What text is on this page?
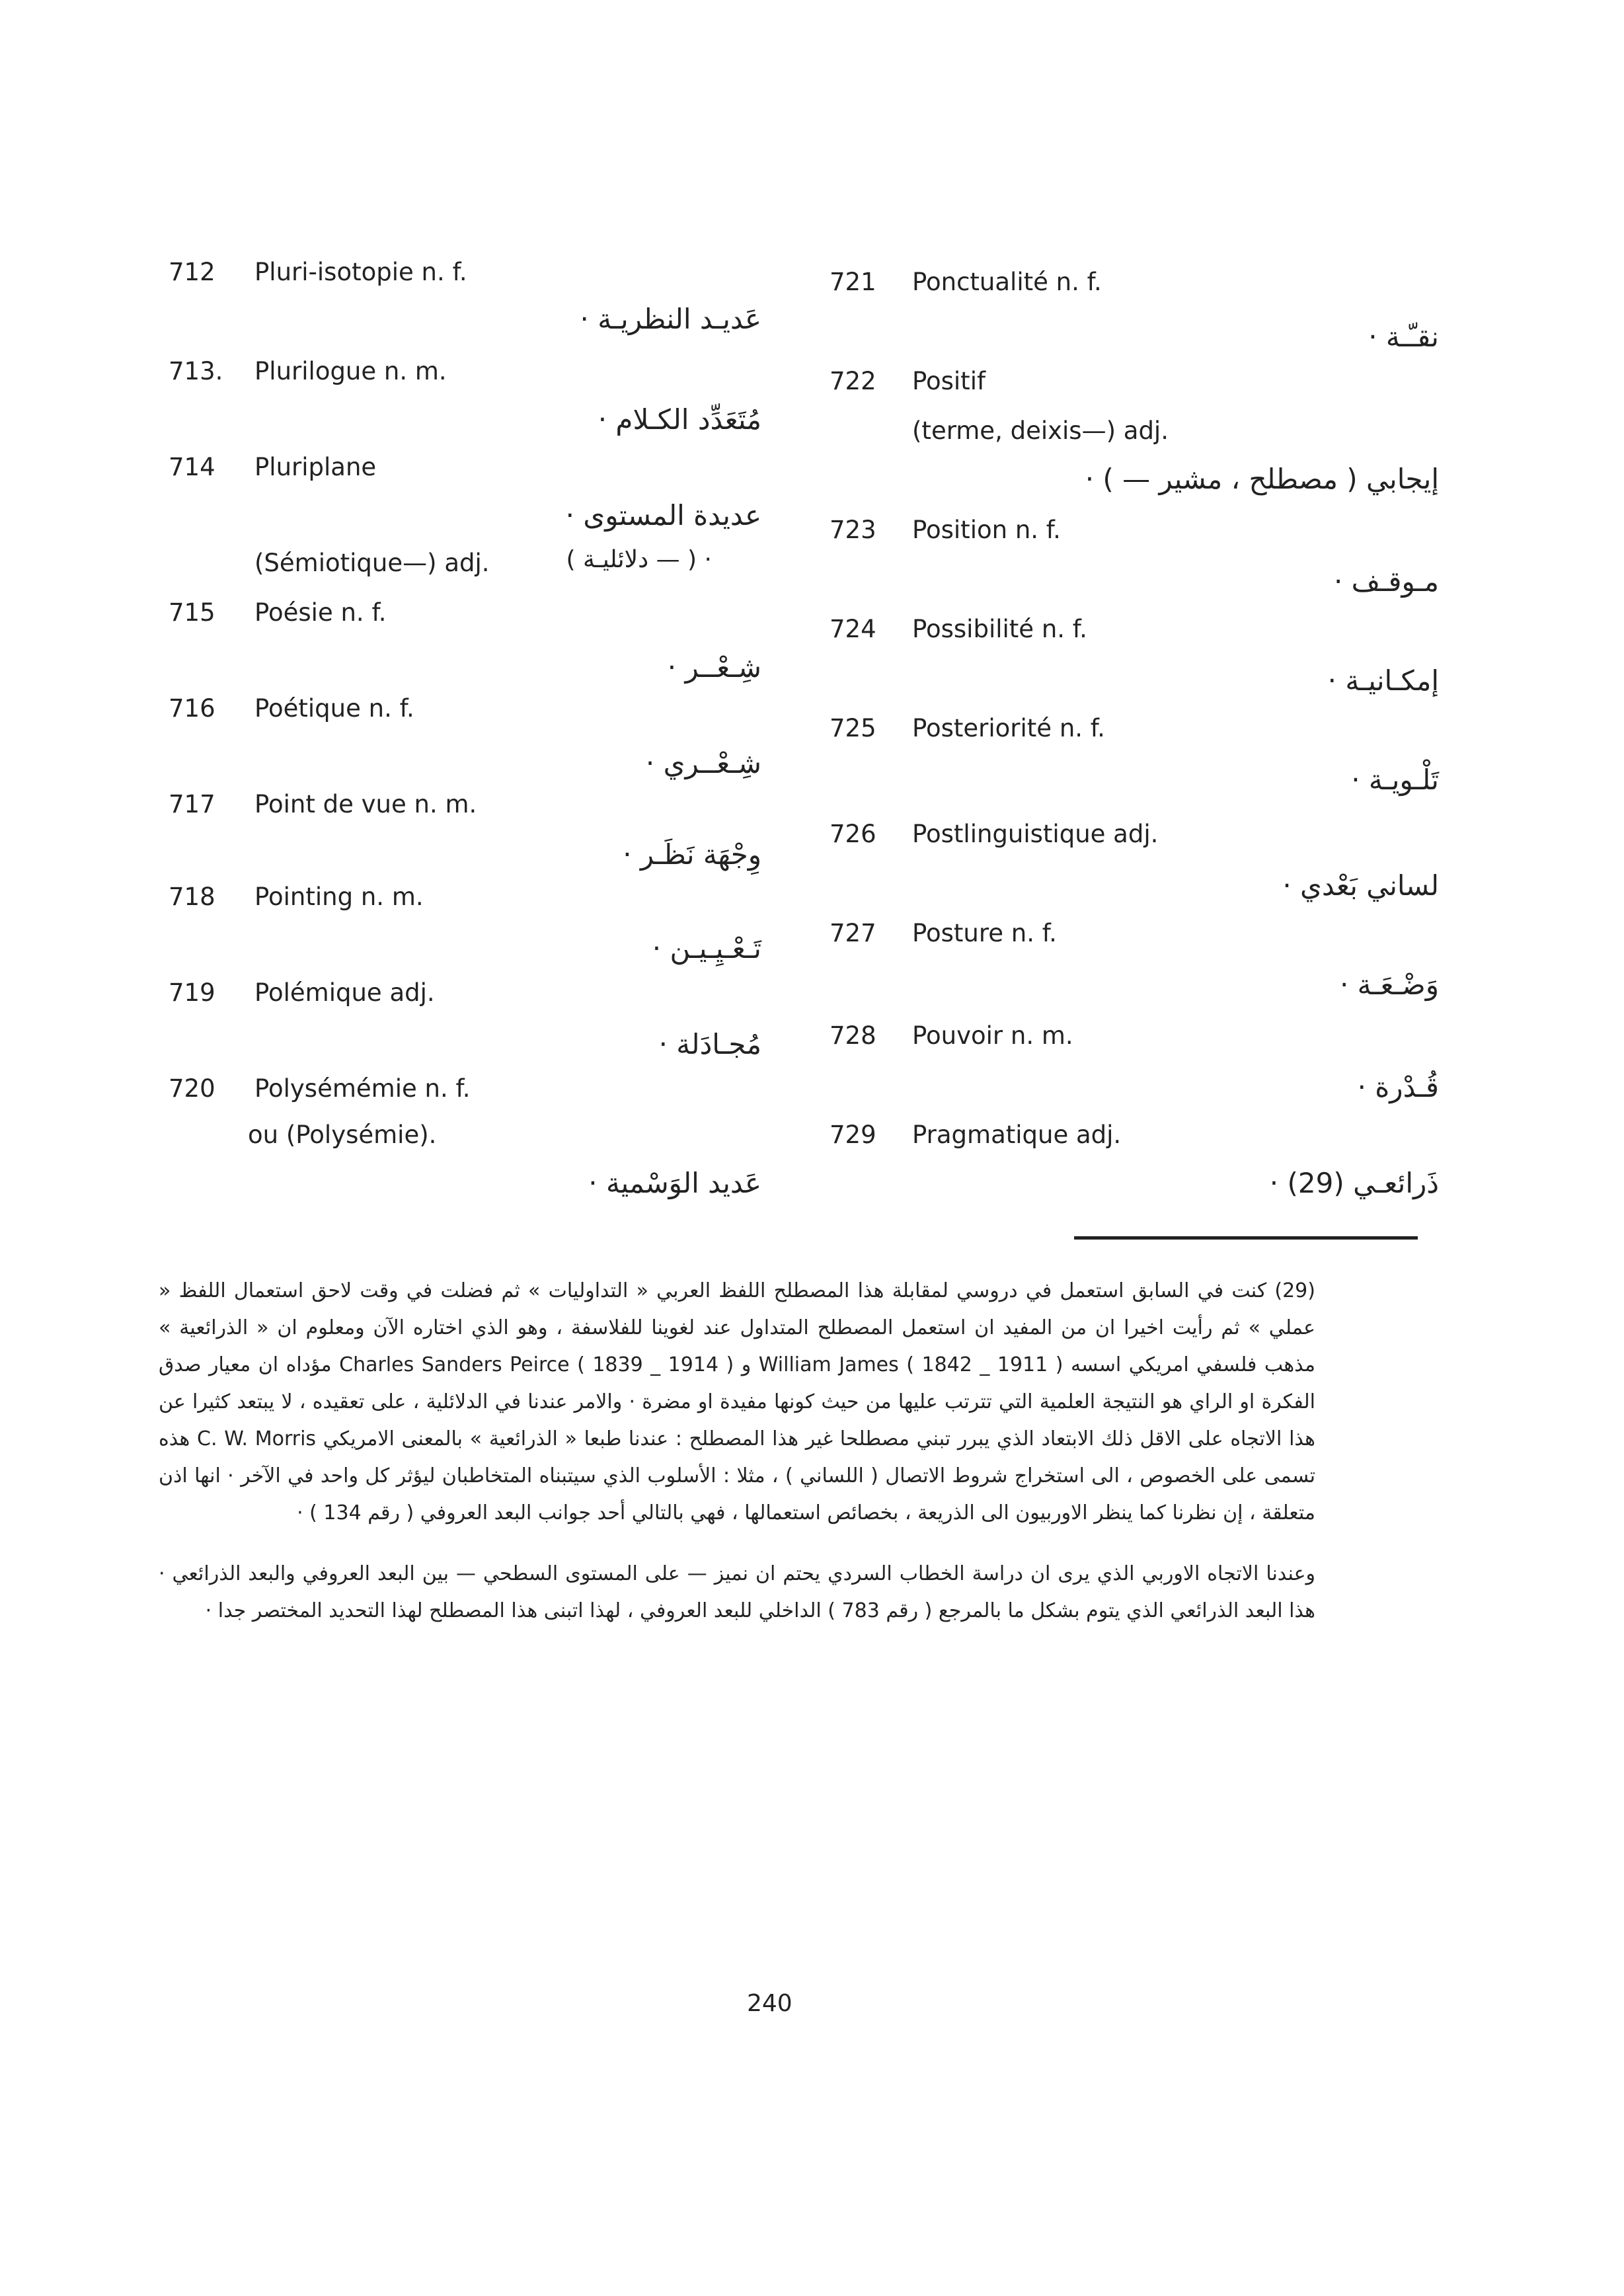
712 Pluri-isotopie n. f.
عَديـد النظريـة ·
713. Plurilogue n. m.
مُتَعَدِّد الكـلام ·
714 Pluriplane
عديدة المستوى ·
(Sémiotique—) adj.	· ( — دلائليـة )
715 Poésie n. f.
شِـعْــر ·
716 Poétique n. f.
شِـعْــري ·
717 Point de vue n. m.
وِجْهَة نَظَـر ·
718 Pointing n. m.
تَـعْـيِـيـن ·
719 Polémique adj.
مُجـادَلة ·
720 Polysémémie n. f.
ou (Polysémie).
عَديد الوَسْمية ·
721 Ponctualité n. f.
نقـّـة ·
722 Positif
(terme, deixis—) adj.
إيجابي ( مصطلح ، مشير — ) ·
723 Position n. f.
مـوقـف ·
724 Possibilité n. f.
إمكـانيـة ·
725 Posteriorité n. f.
تَلْـويـة ·
726 Postlinguistique adj.
لساني بَعْدي ·
727 Posture n. f.
وَضْـعَـة ·
728 Pouvoir n. m.
قُـدْرة ·
729 Pragmatique adj.
ذَرائعـي (29) ·

(29) كنت في السابق استعمل في دروسي لمقابلة هذا المصطلح اللفظ العربي « التداوليات » ثم فضلت في وقت لاحق استعمال اللفظ « عملي » ثم رأيت اخيرا ان من المفيد ان استعمل المصطلح المتداول عند لغوينا للفلاسفة ، وهو الذي اختاره الآن ومعلوم ان « الذرائعية » مذهب فلسفي امريكي اسسه William James ( 1842 _ 1911 ) و Charles Sanders Peirce ( 1839 _ 1914 ) مؤداه ان معيار صدق الفكرة او الراي هو النتيجة العلمية التي تترتب عليها من حيث كونها مفيدة او مضرة · والامر عندنا في الدلائلية ، على تعقيده ، لا يبتعد كثيرا عن هذا الاتجاه على الاقل ذلك الابتعاد الذي يبرر تبني مصطلحا غير هذا المصطلح : عندنا طبعا « الذرائعية » بالمعنى الامريكي C. W. Morris هذه تسمى على الخصوص ، الى استخراج شروط الاتصال ( اللساني ) ، مثلا : الأسلوب الذي سيتبناه المتخاطبان ليؤثر كل واحد في الآخر · انها اذن متعلقة ، إن نظرنا كما ينظر الاوربيون الى الذريعة ، بخصائص استعمالها ، فهي بالتالي أحد جوانب البعد العروفي ( رقم 134 ) ·

وعندنا الاتجاه الاوربي الذي يرى ان دراسة الخطاب السردي يحتم ان نميز — على المستوى السطحي — بين البعد العروفي والبعد الذرائعي · هذا البعد الذرائعي الذي يتوم بشكل ما بالمرجع ( رقم 783 ) الداخلي للبعد العروفي ، لهذا اتبنى هذا المصطلح لهذا التحديد المختصر جدا ·

240
